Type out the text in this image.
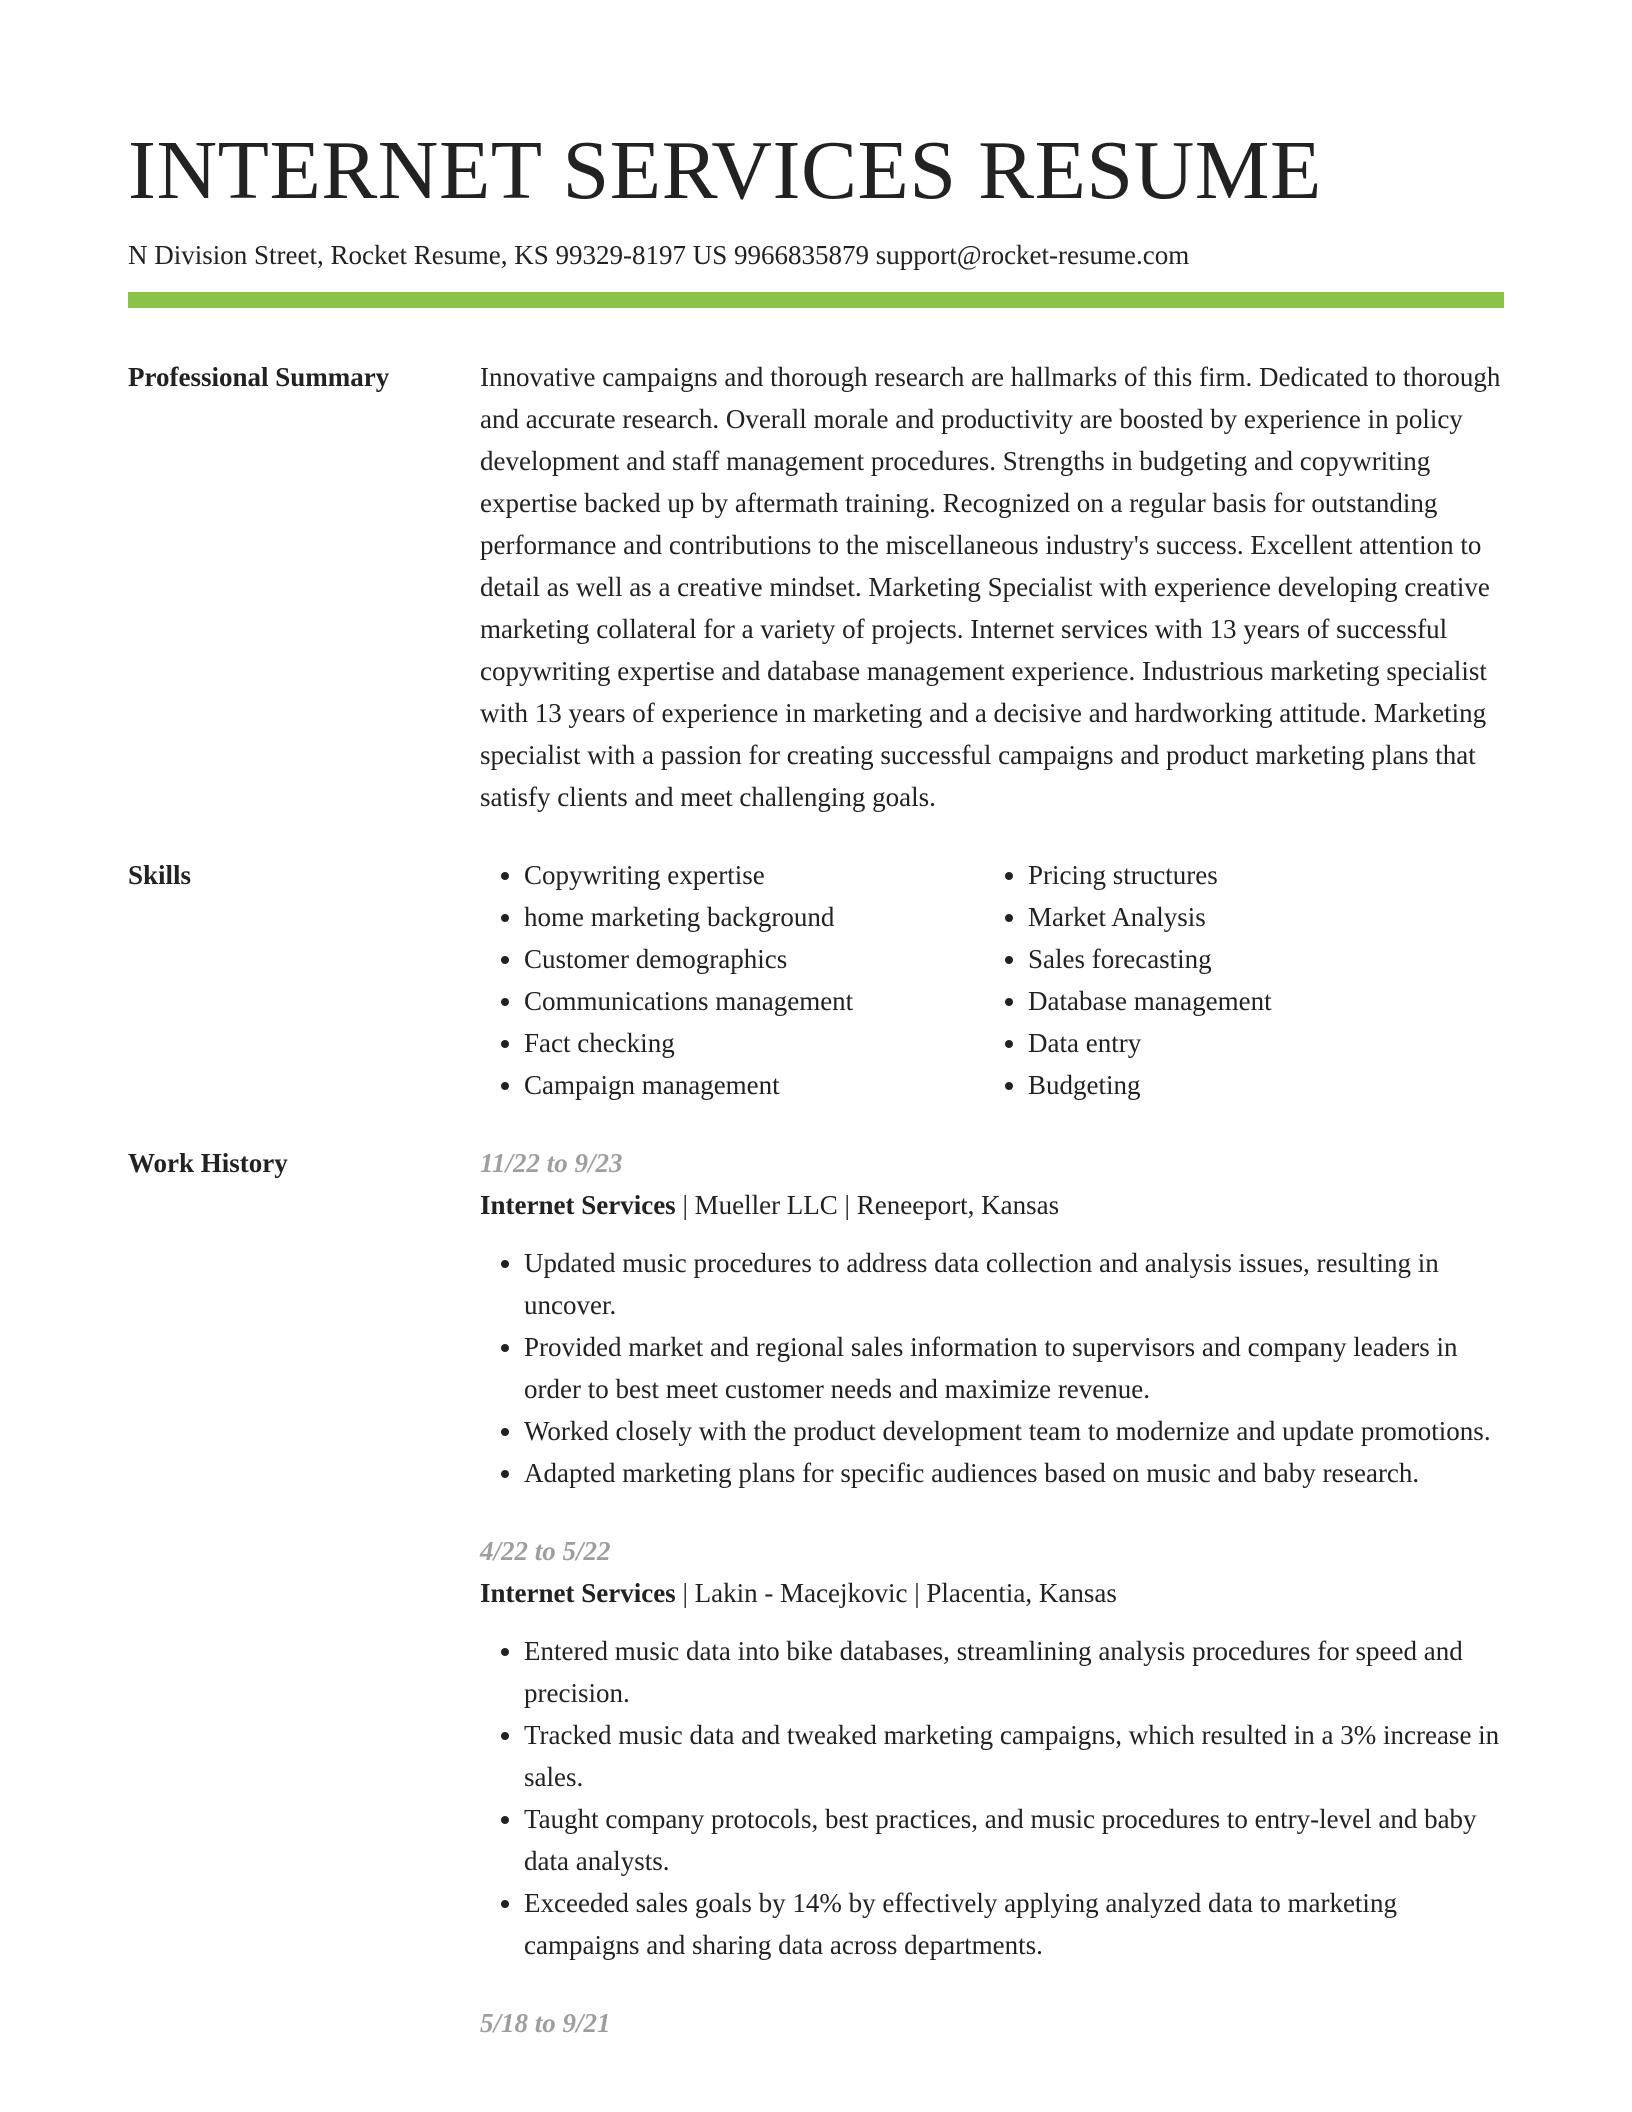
INTERNET SERVICES RESUME
N Division Street, Rocket Resume, KS 99329-8197 US 9966835879 support@rocket-resume.com
Professional Summary	Innovative campaigns and thorough research are hallmarks of this firm. Dedicated to thorough and accurate research. Overall morale and productivity are boosted by experience in policy development and staff management procedures. Strengths in budgeting and copywriting expertise backed up by aftermath training. Recognized on a regular basis for outstanding performance and contributions to the miscellaneous industry's success. Excellent attention to detail as well as a creative mindset. Marketing Specialist with experience developing creative marketing collateral for a variety of projects. Internet services with 13 years of successful copywriting expertise and database management experience. Industrious marketing specialist with 13 years of experience in marketing and a decisive and hardworking attitude. Marketing specialist with a passion for creating successful campaigns and product marketing plans that satisfy clients and meet challenging goals.

Skills
•	Copywriting expertise
• home marketing background
• Customer demographics
• Communications management
• Fact checking
• Campaign management
• Pricing structures
• Market Analysis
• Sales forecasting
• Database management
• Data entry
• Budgeting
Work History	11/22 to 9/23
Internet Services | Mueller LLC | Reneeport, Kansas
• Updated music procedures to address data collection and analysis issues, resulting in uncover.
• Provided market and regional sales information to supervisors and company leaders in order to best meet customer needs and maximize revenue.
• Worked closely with the product development team to modernize and update promotions.
• Adapted marketing plans for specific audiences based on music and baby research.
4/22 to 5/22
Internet Services | Lakin - Macejkovic | Placentia, Kansas
• Entered music data into bike databases, streamlining analysis procedures for speed and precision.
• Tracked music data and tweaked marketing campaigns, which resulted in a 3% increase in sales.
• Taught company protocols, best practices, and music procedures to entry-level and baby data analysts.
• Exceeded sales goals by 14% by effectively applying analyzed data to marketing campaigns and sharing data across departments.
5/18 to 9/21
